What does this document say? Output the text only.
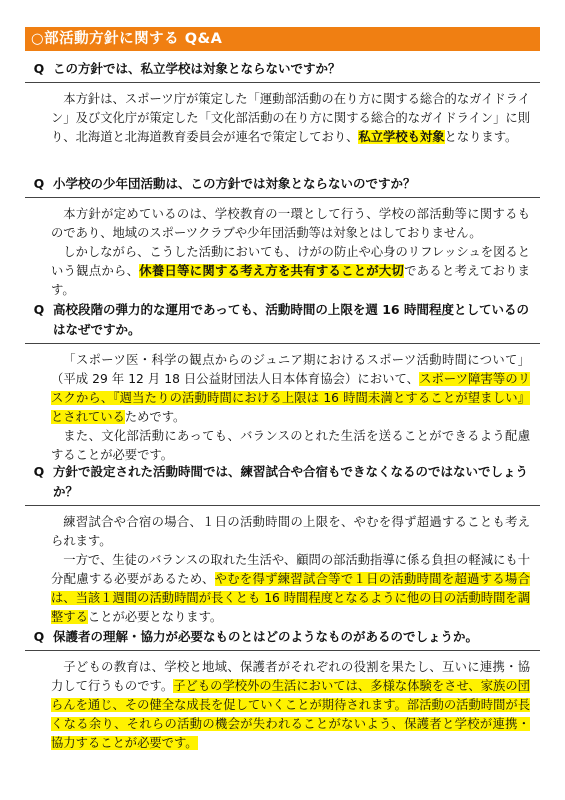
○部活動方針に関する Q&A
Q この方針では、私立学校は対象とならないですか？

本方針は、スポーツ庁が策定した「運動部活動の在り方に関する総合的なガイドライン」及び文化庁が策定した「文化部活動の在り方に関する総合的なガイドライン」に則り、北海道と北海道教育委員会が連名で策定しており、私立学校も対象となります。

Q 小学校の少年団活動は、この方針では対象とならないのですか？

本方針が定めているのは、学校教育の一環として行う、学校の部活動等に関するものであり、地域のスポーツクラブや少年団活動等は対象とはしておりません。

しかしながら、こうした活動においても、けがの防止や心身のリフレッシュを図るという観点から、休養日等に関する考え方を共有することが大切であると考えております。

Q 高校段階の弾力的な運用であっても、活動時間の上限を週 16 時間程度としているのはなぜですか。

「スポーツ医・科学の観点からのジュニア期におけるスポーツ活動時間について」（平成 29 年 12 月 18 日公益財団法人日本体育協会）において、スポーツ障害等のリスクから、『週当たりの活動時間における上限は 16 時間未満とすることが望ましい』とされているためです。

また、文化部活動にあっても、バランスのとれた生活を送ることができるよう配慮することが必要です。

Q 方針で設定された活動時間では、練習試合や合宿もできなくなるのではないでしょうか？

練習試合や合宿の場合、１日の活動時間の上限を、やむを得ず超過することも考えられます。

一方で、生徒のバランスの取れた生活や、顧問の部活動指導に係る負担の軽減にも十分配慮する必要があるため、やむを得ず練習試合等で１日の活動時間を超過する場合は、当該１週間の活動時間が長くとも 16 時間程度となるように他の日の活動時間を調整することが必要となります。

Q 保護者の理解・協力が必要なものとはどのようなものがあるのでしょうか。

子どもの教育は、学校と地域、保護者がそれぞれの役割を果たし、互いに連携・協力して行うものです。子どもの学校外の生活においては、多様な体験をさせ、家族の団らんを通じ、その健全な成長を促していくことが期待されます。部活動の活動時間が長くなる余り、それらの活動の機会が失われることがないよう、保護者と学校が連携・協力することが必要です。
